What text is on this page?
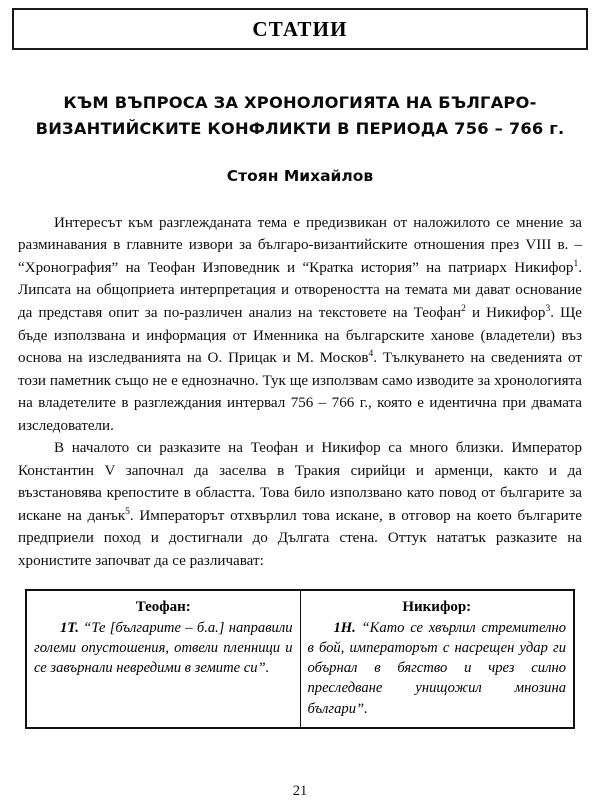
СТАТИИ
КЪМ ВЪПРОСА ЗА ХРОНОЛОГИЯТА НА БЪЛГАРО-
ВИЗАНТИЙСКИТЕ КОНФЛИКТИ В ПЕРИОДА 756 – 766 г.
Стоян Михайлов

Интересът към разглежданата тема е предизвикан от наложилото се мнение за разминавания в главните извори за българо-византийските отношения през VIII в. – “Хронография” на Теофан Изповедник и “Кратка история” на патриарх Никифор$^1$. Липсата на общоприета интерпретация и отвореността на темата ми дават основание да представя опит за по-различен анализ на текстовете на Теофан$^2$ и Никифор$^3$. Ще бъде използвана и информация от Именника на българските ханове (владетели) въз основа на изследванията на О. Прицак и М. Москов$^4$. Тълкуването на сведенията от този паметник също не е еднозначно. Тук ще използвам само изводите за хронологията на владетелите в разглеждания интервал 756 – 766 г., която е идентична при двамата изследователи.

В началото си разказите на Теофан и Никифор са много близки. Император Константин V започнал да заселва в Тракия сирийци и арменци, както и да възстановява крепостите в областта. Това било използвано като повод от българите за искане на данък$^5$. Императорът отхвърлил това искане, в отговор на което българите предприели поход и достигнали до Дългата стена. Оттук нататък разказите на хронистите започват да се различават:

Теофан:

1Т. “Те [българите – б.а.] направили големи опустошения, отвели пленници и се завърнали невредими в земите си”.

Никифор:

1Н. “Като се хвърлил стремително в бой, императорът с насрещен удар ги обърнал в бягство и чрез силно преследване унищожил мнозина българи”.

21
